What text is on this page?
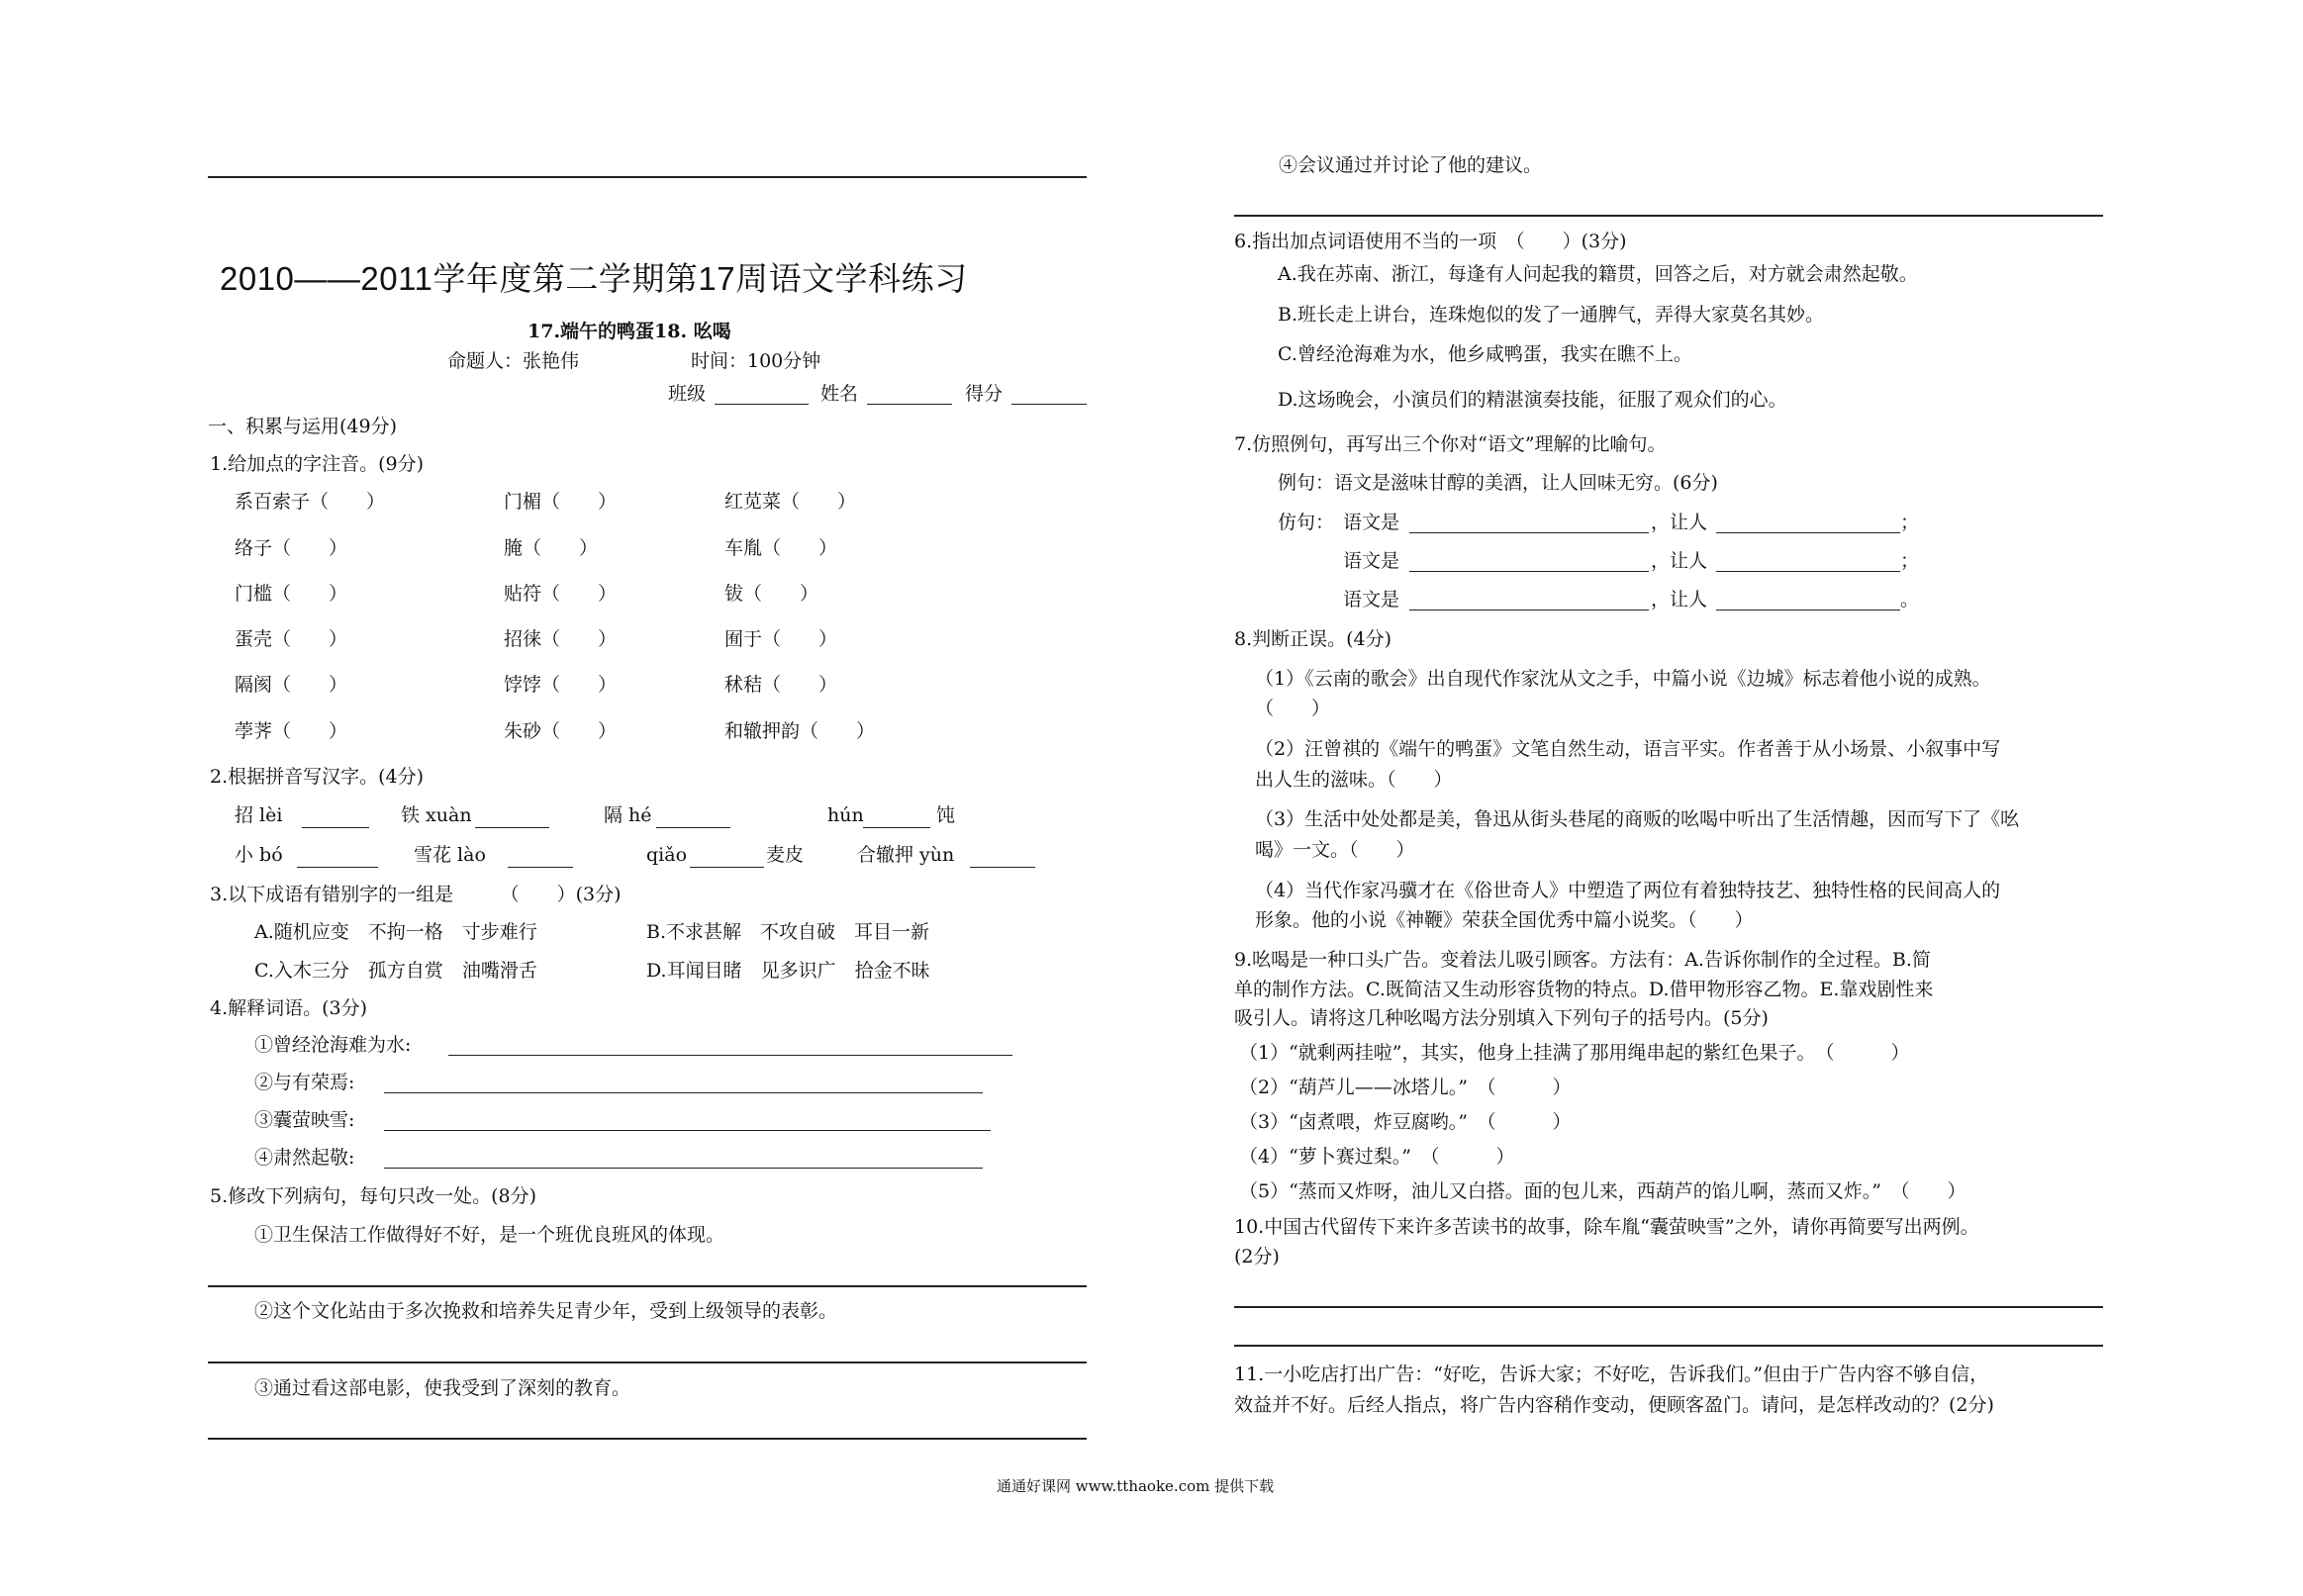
2010——2011学年度第二学期第17周语文学科练习
17.端午的鸭蛋18. 吆喝
命题人：张艳伟	时间：100分钟
班级	姓名	得分
一、积累与运用(49分)
1.给加点的字注音。(9分)
系百索子（　　）	门楣（　　）	红苋菜（　　）
络子（　　）	腌（　　）	车胤（　　）
门槛（　　）	贴符（　　）	钹（　　）
蛋壳（　　）	招徕（　　）	囿于（　　）
隔阂（　　）	饽饽（　　）	秫秸（　　）
荸荠（　　）	朱砂（　　）	和辙押韵（　　）
2.根据拼音写汉字。(4分)
招 lèi	铁 xuàn	隔 hé	hún	饨
小 bó	雪花 lào	qiǎo	麦皮	合辙押 yùn
3.以下成语有错别字的一组是　　　（　　）(3分)
A.随机应变　不拘一格　寸步难行	B.不求甚解　不攻自破　耳目一新
C.入木三分　孤方自赏　油嘴滑舌	D.耳闻目睹　见多识广　拾金不昧
4.解释词语。(3分)
①曾经沧海难为水:
②与有荣焉:
③囊萤映雪:
④肃然起敬:
5.修改下列病句，每句只改一处。(8分)
①卫生保洁工作做得好不好，是一个班优良班风的体现。
②这个文化站由于多次挽救和培养失足青少年，受到上级领导的表彰。
③通过看这部电影，使我受到了深刻的教育。
④会议通过并讨论了他的建议。
6.指出加点词语使用不当的一项　（　　）(3分)
A.我在苏南、浙江，每逢有人问起我的籍贯，回答之后，对方就会肃然起敬。
B.班长走上讲台，连珠炮似的发了一通脾气，弄得大家莫名其妙。
C.曾经沧海难为水，他乡咸鸭蛋，我实在瞧不上。
D.这场晚会，小演员们的精湛演奏技能，征服了观众们的心。
7.仿照例句，再写出三个你对“语文”理解的比喻句。
例句：语文是滋味甘醇的美酒，让人回味无穷。(6分)
仿句： 语文是	，让人	；
语文是	，让人	；
语文是	，让人	。
8.判断正误。(4分)
（1）《云南的歌会》出自现代作家沈从文之手，中篇小说《边城》标志着他小说的成熟。
（　　）
（2）汪曾祺的《端午的鸭蛋》文笔自然生动，语言平实。作者善于从小场景、小叙事中写
出人生的滋味。（　　）
（3）生活中处处都是美，鲁迅从街头巷尾的商贩的吆喝中听出了生活情趣，因而写下了《吆
喝》一文。（　　）
（4）当代作家冯骥才在《俗世奇人》中塑造了两位有着独特技艺、独特性格的民间高人的
形象。他的小说《神鞭》荣获全国优秀中篇小说奖。（　　）
9.吆喝是一种口头广告。变着法儿吸引顾客。方法有：A.告诉你制作的全过程。B.简
单的制作方法。C.既简洁又生动形容货物的特点。D.借甲物形容乙物。E.靠戏剧性来
吸引人。请将这几种吆喝方法分别填入下列句子的括号内。(5分)
（1）“就剩两挂啦”，其实，他身上挂满了那用绳串起的紫红色果子。　（　　　）
（2）“葫芦儿——冰塔儿。”　（　　　）
（3）“卤煮喂，炸豆腐哟。”　（　　　）
（4）“萝卜赛过梨。”　（　　　）
（5）“蒸而又炸呀，油儿又白搭。面的包儿来，西葫芦的馅儿啊，蒸而又炸。”　（　　）
10.中国古代留传下来许多苦读书的故事，除车胤“囊萤映雪”之外，请你再简要写出两例。
(2分)
11.一小吃店打出广告：“好吃，告诉大家；不好吃，告诉我们。”但由于广告内容不够自信，
效益并不好。后经人指点，将广告内容稍作变动，便顾客盈门。请问，是怎样改动的？(2分)
通通好课网 www.tthaoke.com 提供下载
